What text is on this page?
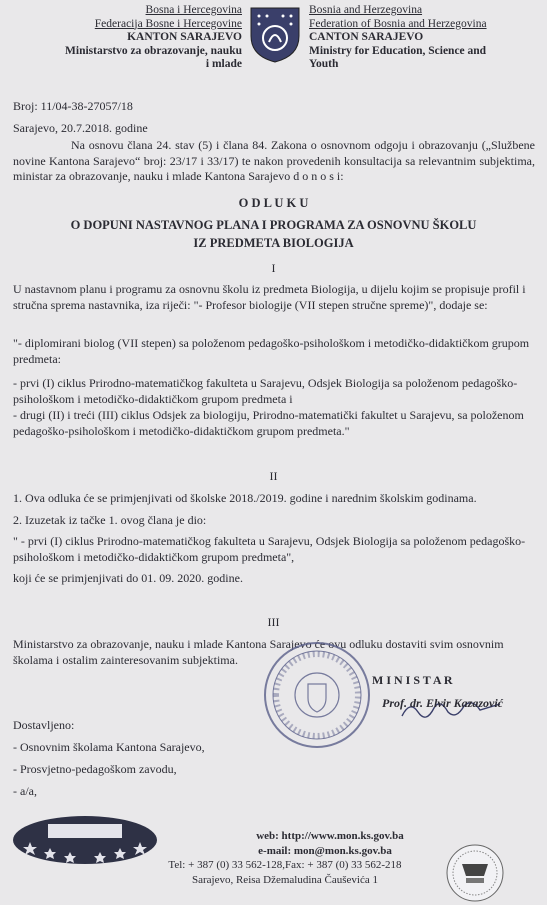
Bosna i Hercegovina
Federacija Bosne i Hercegovine
KANTON SARAJEVO
Ministarstvo za obrazovanje, nauku
i mlade
Bosnia and Herzegovina
Federation of Bosnia and Herzegovina
CANTON SARAJEVO
Ministry for Education, Science and
Youth
Broj: 11/04-38-27057/18
Sarajevo, 20.7.2018. godine
Na osnovu člana 24. stav (5) i člana 84. Zakona o osnovnom odgoju i obrazovanju („Službene novine Kantona Sarajevo“ broj: 23/17 i 33/17) te nakon provedenih konsultacija sa relevantnim subjektima, ministar za obrazovanje, nauku i mlade Kantona Sarajevo d o n o s i:
O D L U K U
O DOPUNI NASTAVNOG PLANA I PROGRAMA ZA OSNOVNU ŠKOLU
IZ PREDMETA BIOLOGIJA
I
U nastavnom planu i programu za osnovnu školu iz predmeta Biologija, u dijelu kojim se propisuje profil i stručna sprema nastavnika, iza riječi: "- Profesor biologije (VII stepen stručne spreme)", dodaje se:
"- diplomirani biolog (VII stepen) sa položenom pedagoško-psihološkom i metodičko-didaktičkom grupom predmeta:
- prvi (I) ciklus Prirodno-matematičkog fakulteta u Sarajevu, Odsjek Biologija sa položenom pedagoško-psihološkom i metodičko-didaktičkom grupom predmeta i
- drugi (II) i treći (III) ciklus Odsjek za biologiju, Prirodno-matematički fakultet u Sarajevu, sa položenom pedagoško-psihološkom i metodičko-didaktičkom grupom predmeta."
II
1. Ova odluka će se primjenjivati od školske 2018./2019. godine i narednim školskim godinama.
2. Izuzetak iz tačke 1. ovog člana je dio:
" - prvi (I) ciklus Prirodno-matematičkog fakulteta u Sarajevu, Odsjek Biologija sa položenom pedagoško-psihološkom i metodičko-didaktičkom grupom predmeta",
koji će se primjenjivati do 01. 09. 2020. godine.
III
Ministarstvo za obrazovanje, nauku i mlade Kantona Sarajevo će ovu odluku dostaviti svim osnovnim školama i ostalim zainteresovanim subjektima.
M I N I S T A R
Prof. dr. Elvir Kazazović
Dostavljeno:
- Osnovnim školama Kantona Sarajevo,
- Prosvjetno-pedagoškom zavodu,
- a/a,
web: http://www.mon.ks.gov.ba
e-mail: mon@mon.ks.gov.ba
Tel: + 387 (0) 33 562-128,Fax: + 387 (0) 33 562-218
Sarajevo, Reisa Džemaludina Čauševića 1
